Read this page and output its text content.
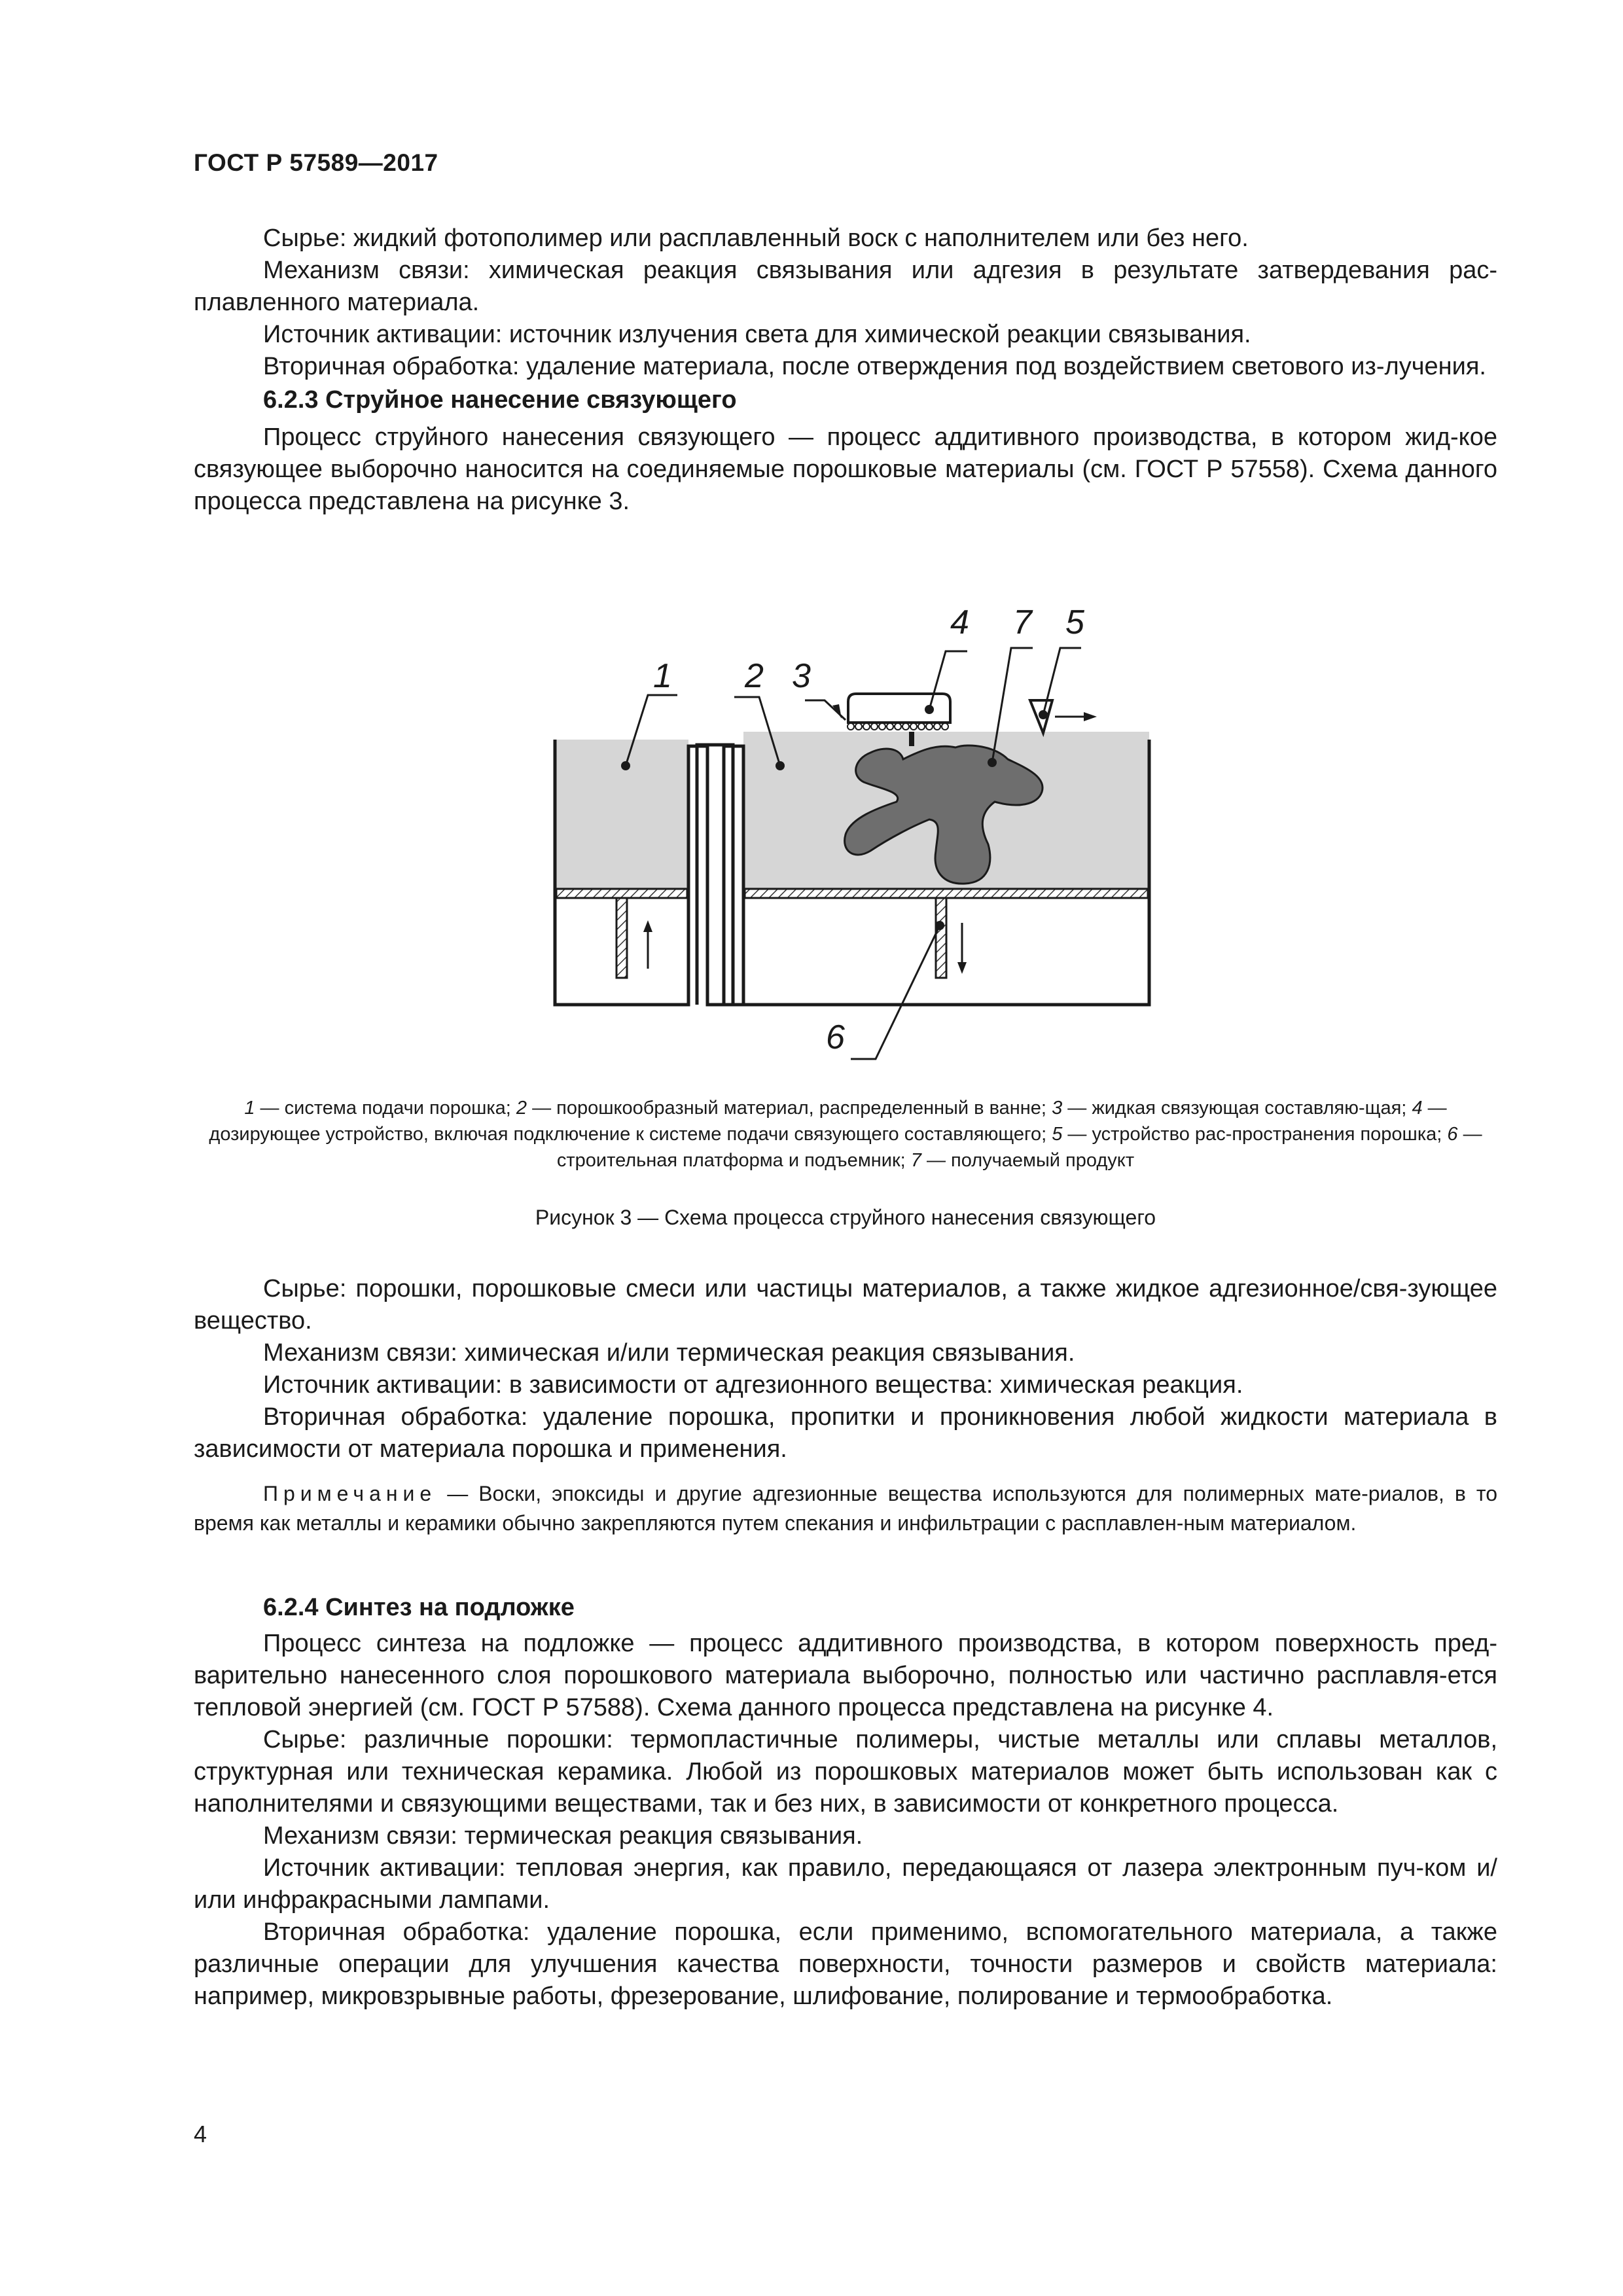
ГОСТ Р 57589—2017

Сырье: жидкий фотополимер или расплавленный воск с наполнителем или без него.

Механизм связи: химическая реакция связывания или адгезия в результате затвердевания рас-плавленного материала.

Источник активации: источник излучения света для химической реакции связывания.

Вторичная обработка: удаление материала, после отверждения под воздействием светового из-лучения.

6.2.3 Струйное нанесение связующего

Процесс струйного нанесения связующего — процесс аддитивного производства, в котором жид-кое связующее выборочно наносится на соединяемые порошковые материалы (см. ГОСТ Р 57558). Схема данного процесса представлена на рисунке 3.

1 2 3
4 7 5
6
1 — система подачи порошка; 2 — порошкообразный материал, распределенный в ванне; 3 — жидкая связующая составляю-щая; 4 — дозирующее устройство, включая подключение к системе подачи связующего составляющего; 5 — устройство рас-пространения порошка; 6 — строительная платформа и подъемник; 7 — получаемый продукт
Рисунок 3 — Схема процесса струйного нанесения связующего

Сырье: порошки, порошковые смеси или частицы материалов, а также жидкое адгезионное/свя-зующее вещество.

Механизм связи: химическая и/или термическая реакция связывания.

Источник активации: в зависимости от адгезионного вещества: химическая реакция.

Вторичная обработка: удаление порошка, пропитки и проникновения любой жидкости материала в зависимости от материала порошка и применения.

Примечание — Воски, эпоксиды и другие адгезионные вещества используются для полимерных мате-риалов, в то время как металлы и керамики обычно закрепляются путем спекания и инфильтрации с расплавлен-ным материалом.

6.2.4 Синтез на подложке

Процесс синтеза на подложке — процесс аддитивного производства, в котором поверхность пред-варительно нанесенного слоя порошкового материала выборочно, полностью или частично расплавля-ется тепловой энергией (см. ГОСТ Р 57588). Схема данного процесса представлена на рисунке 4.

Сырье: различные порошки: термопластичные полимеры, чистые металлы или сплавы металлов, структурная или техническая керамика. Любой из порошковых материалов может быть использован как с наполнителями и связующими веществами, так и без них, в зависимости от конкретного процесса.

Механизм связи: термическая реакция связывания.

Источник активации: тепловая энергия, как правило, передающаяся от лазера электронным пуч-ком и/или инфракрасными лампами.

Вторичная обработка: удаление порошка, если применимо, вспомогательного материала, а также различные операции для улучшения качества поверхности, точности размеров и свойств материала: например, микровзрывные работы, фрезерование, шлифование, полирование и термообработка.

4
